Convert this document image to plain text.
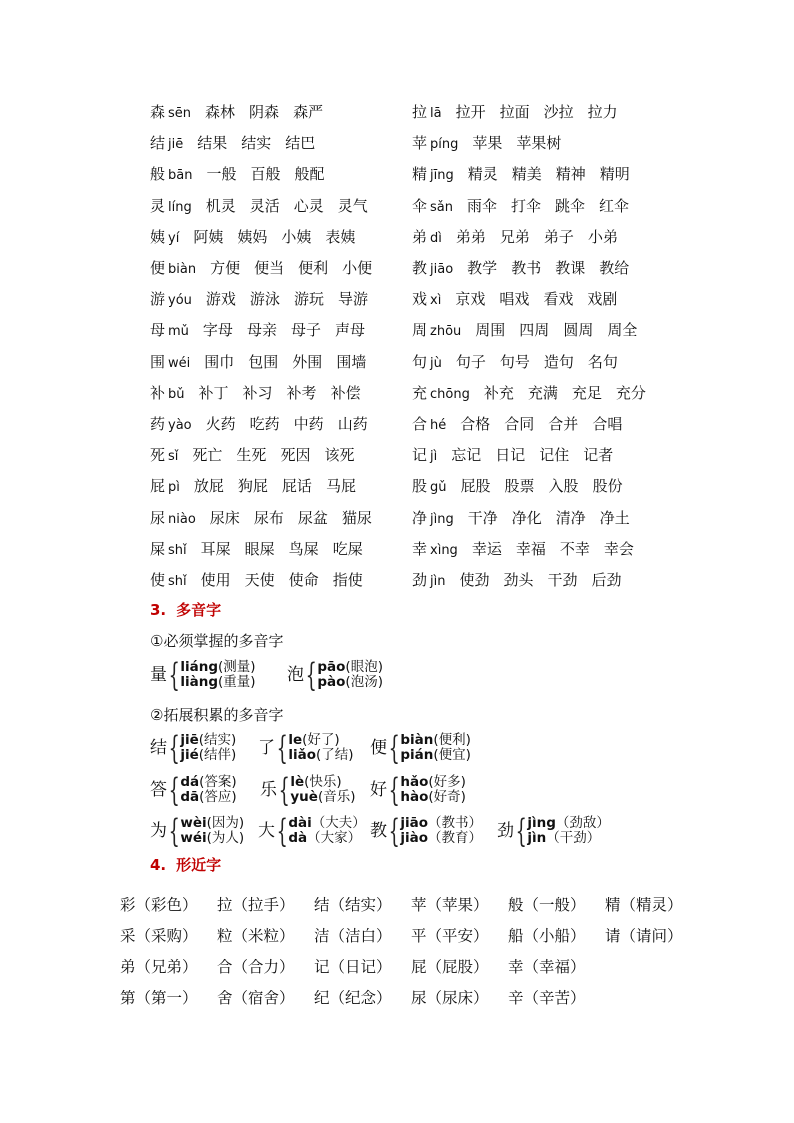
森 sēn 森林 阴森 森严	拉 lā 拉开 拉面 沙拉 拉力
结 jiē 结果 结实 结巴	苹 píng 苹果 苹果树
般 bān 一般 百般 般配	精 jīng 精灵 精美 精神 精明
灵 líng 机灵 灵活 心灵 灵气	伞 sǎn 雨伞 打伞 跳伞 红伞
姨 yí 阿姨 姨妈 小姨 表姨	弟 dì 弟弟 兄弟 弟子 小弟
便 biàn 方便 便当 便利 小便	教 jiāo 教学 教书 教课 教给
游 yóu 游戏 游泳 游玩 导游	戏 xì 京戏 唱戏 看戏 戏剧
母 mǔ 字母 母亲 母子 声母	周 zhōu 周围 四周 圆周 周全
围 wéi 围巾 包围 外围 围墙	句 jù 句子 句号 造句 名句
补 bǔ 补丁 补习 补考 补偿	充 chōng 补充 充满 充足 充分
药 yào 火药 吃药 中药 山药	合 hé 合格 合同 合并 合唱
死 sǐ 死亡 生死 死因 该死	记 jì 忘记 日记 记住 记者
屁 pì 放屁 狗屁 屁话 马屁	股 gǔ 屁股 股票 入股 股份
尿 niào 尿床 尿布 尿盆 猫尿	净 jìng 干净 净化 清净 净土
屎 shǐ 耳屎 眼屎 鸟屎 吃屎	幸 xìng 幸运 幸福 不幸 幸会
使 shǐ 使用 天使 使命 指使	劲 jìn 使劲 劲头 干劲 后劲
3. 多音字
①必须掌握的多音字
量 { liáng(测量)
liàng(重量) 泡 { pāo(眼泡)
pào(泡汤)
②拓展积累的多音字
结 { jiē(结实)
jié(结伴) 了 { le(好了)
liǎo(了结) 便 { biàn(便利)
pián(便宜)
答 { dá(答案)
dā(答应) 乐 { lè(快乐)
yuè(音乐) 好 { hǎo(好多)
hào(好奇)
为 { wèi(因为)
wéi(为人) 大 { dài（大夫）
dà（大家） 教 { jiāo（教书）
jiào（教育） 劲 { jìng（劲敌）
jìn（干劲）
4. 形近字
彩（彩色）	拉（拉手）	结（结实）	苹（苹果）	般（一般）	精（精灵）
采（采购）	粒（米粒）	洁（洁白）	平（平安）	船（小船）	请（请问）
弟（兄弟）	合（合力）	记（日记）	屁（屁股）	幸（幸福）
第（第一）	舍（宿舍）	纪（纪念）	尿（尿床）	辛（辛苦）
